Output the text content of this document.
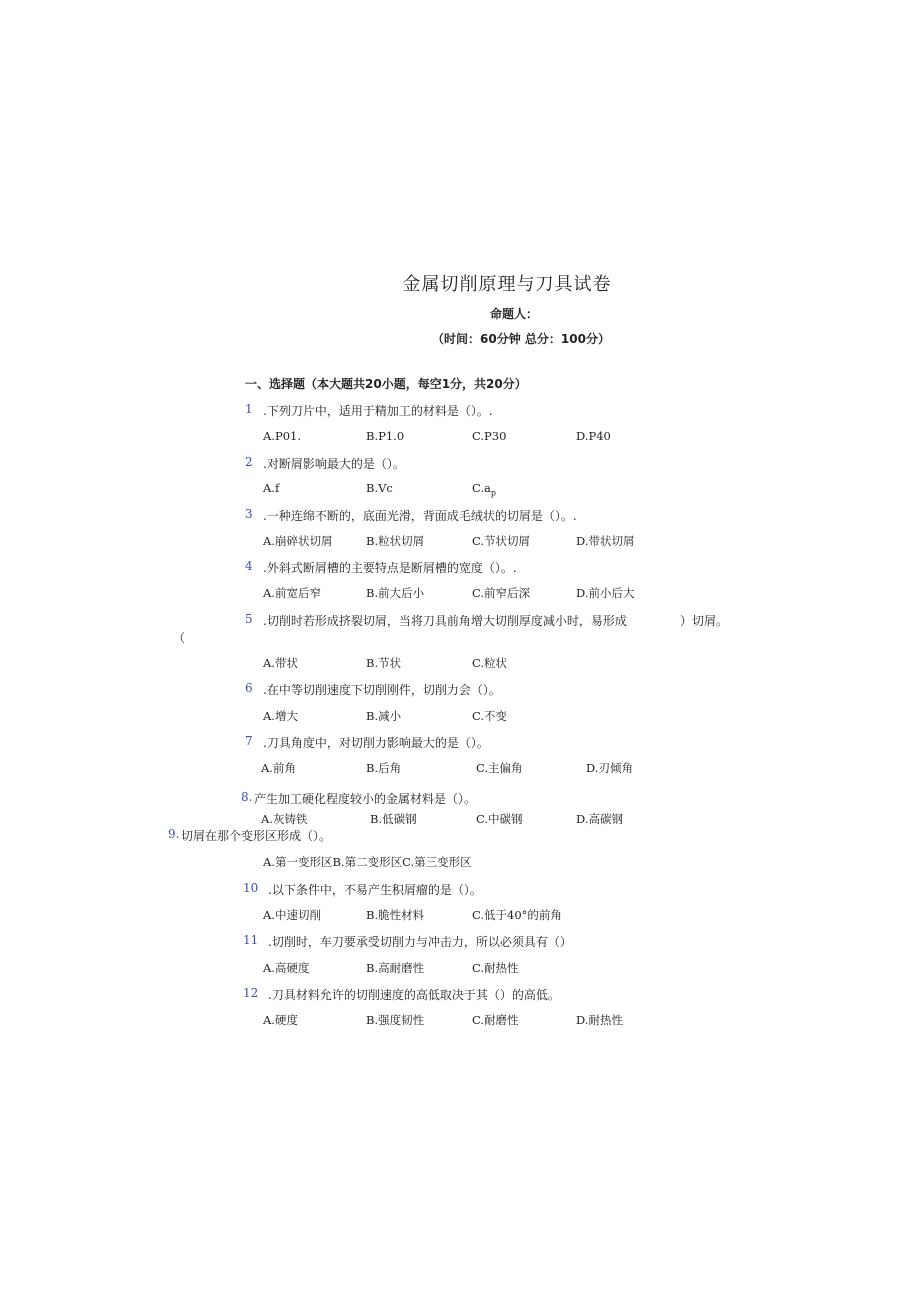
金属切削原理与刀具试卷
命题人：
（时间：60分钟 总分：100分）
一、选择题（本大题共20小题，每空1分，共20分）
1 .下列刀片中，适用于精加工的材料是（）。.
A.P01.	B.P1.0	C.P30	D.P40
2 .对断屑影响最大的是（）。
A.f	B.Vc	$C.a_p$
3 .一种连绵不断的，底面光滑，背面成毛绒状的切屑是（）。.
A.崩碎状切屑	B.粒状切屑	C.节状切屑	D.带状切屑
4 .外斜式断屑槽的主要特点是断屑槽的宽度（）。.
A.前宽后窄	B.前大后小	C.前窄后深	D.前小后大
5 .切削时若形成挤裂切屑，当将刀具前角增大切削厚度减小时，易形成	）切屑。
（
A.带状	B.节状	C.粒状
6 .在中等切削速度下切削刚件，切削力会（）。
A.增大	B.减小	C.不变
7 .刀具角度中，对切削力影响最大的是（）。
A.前角	B.后角	C.主偏角	D.刃倾角
8. 产生加工硬化程度较小的金属材料是（）。
A.灰铸铁	B.低碳钢	C.中碳钢	D.高碳钢
9. 切屑在那个变形区形成（）。
A.第一变形区B.第二变形区C.第三变形区
10 .以下条件中，不易产生积屑瘤的是（）。
A.中速切削	B.脆性材料	C.低于40°的前角
11 .切削时，车刀要承受切削力与冲击力，所以必须具有（）
A.高硬度	B.高耐磨性	C.耐热性
12 .刀具材料允许的切削速度的高低取决于其（）的高低。
A.硬度	B.强度韧性	C.耐磨性	D.耐热性
